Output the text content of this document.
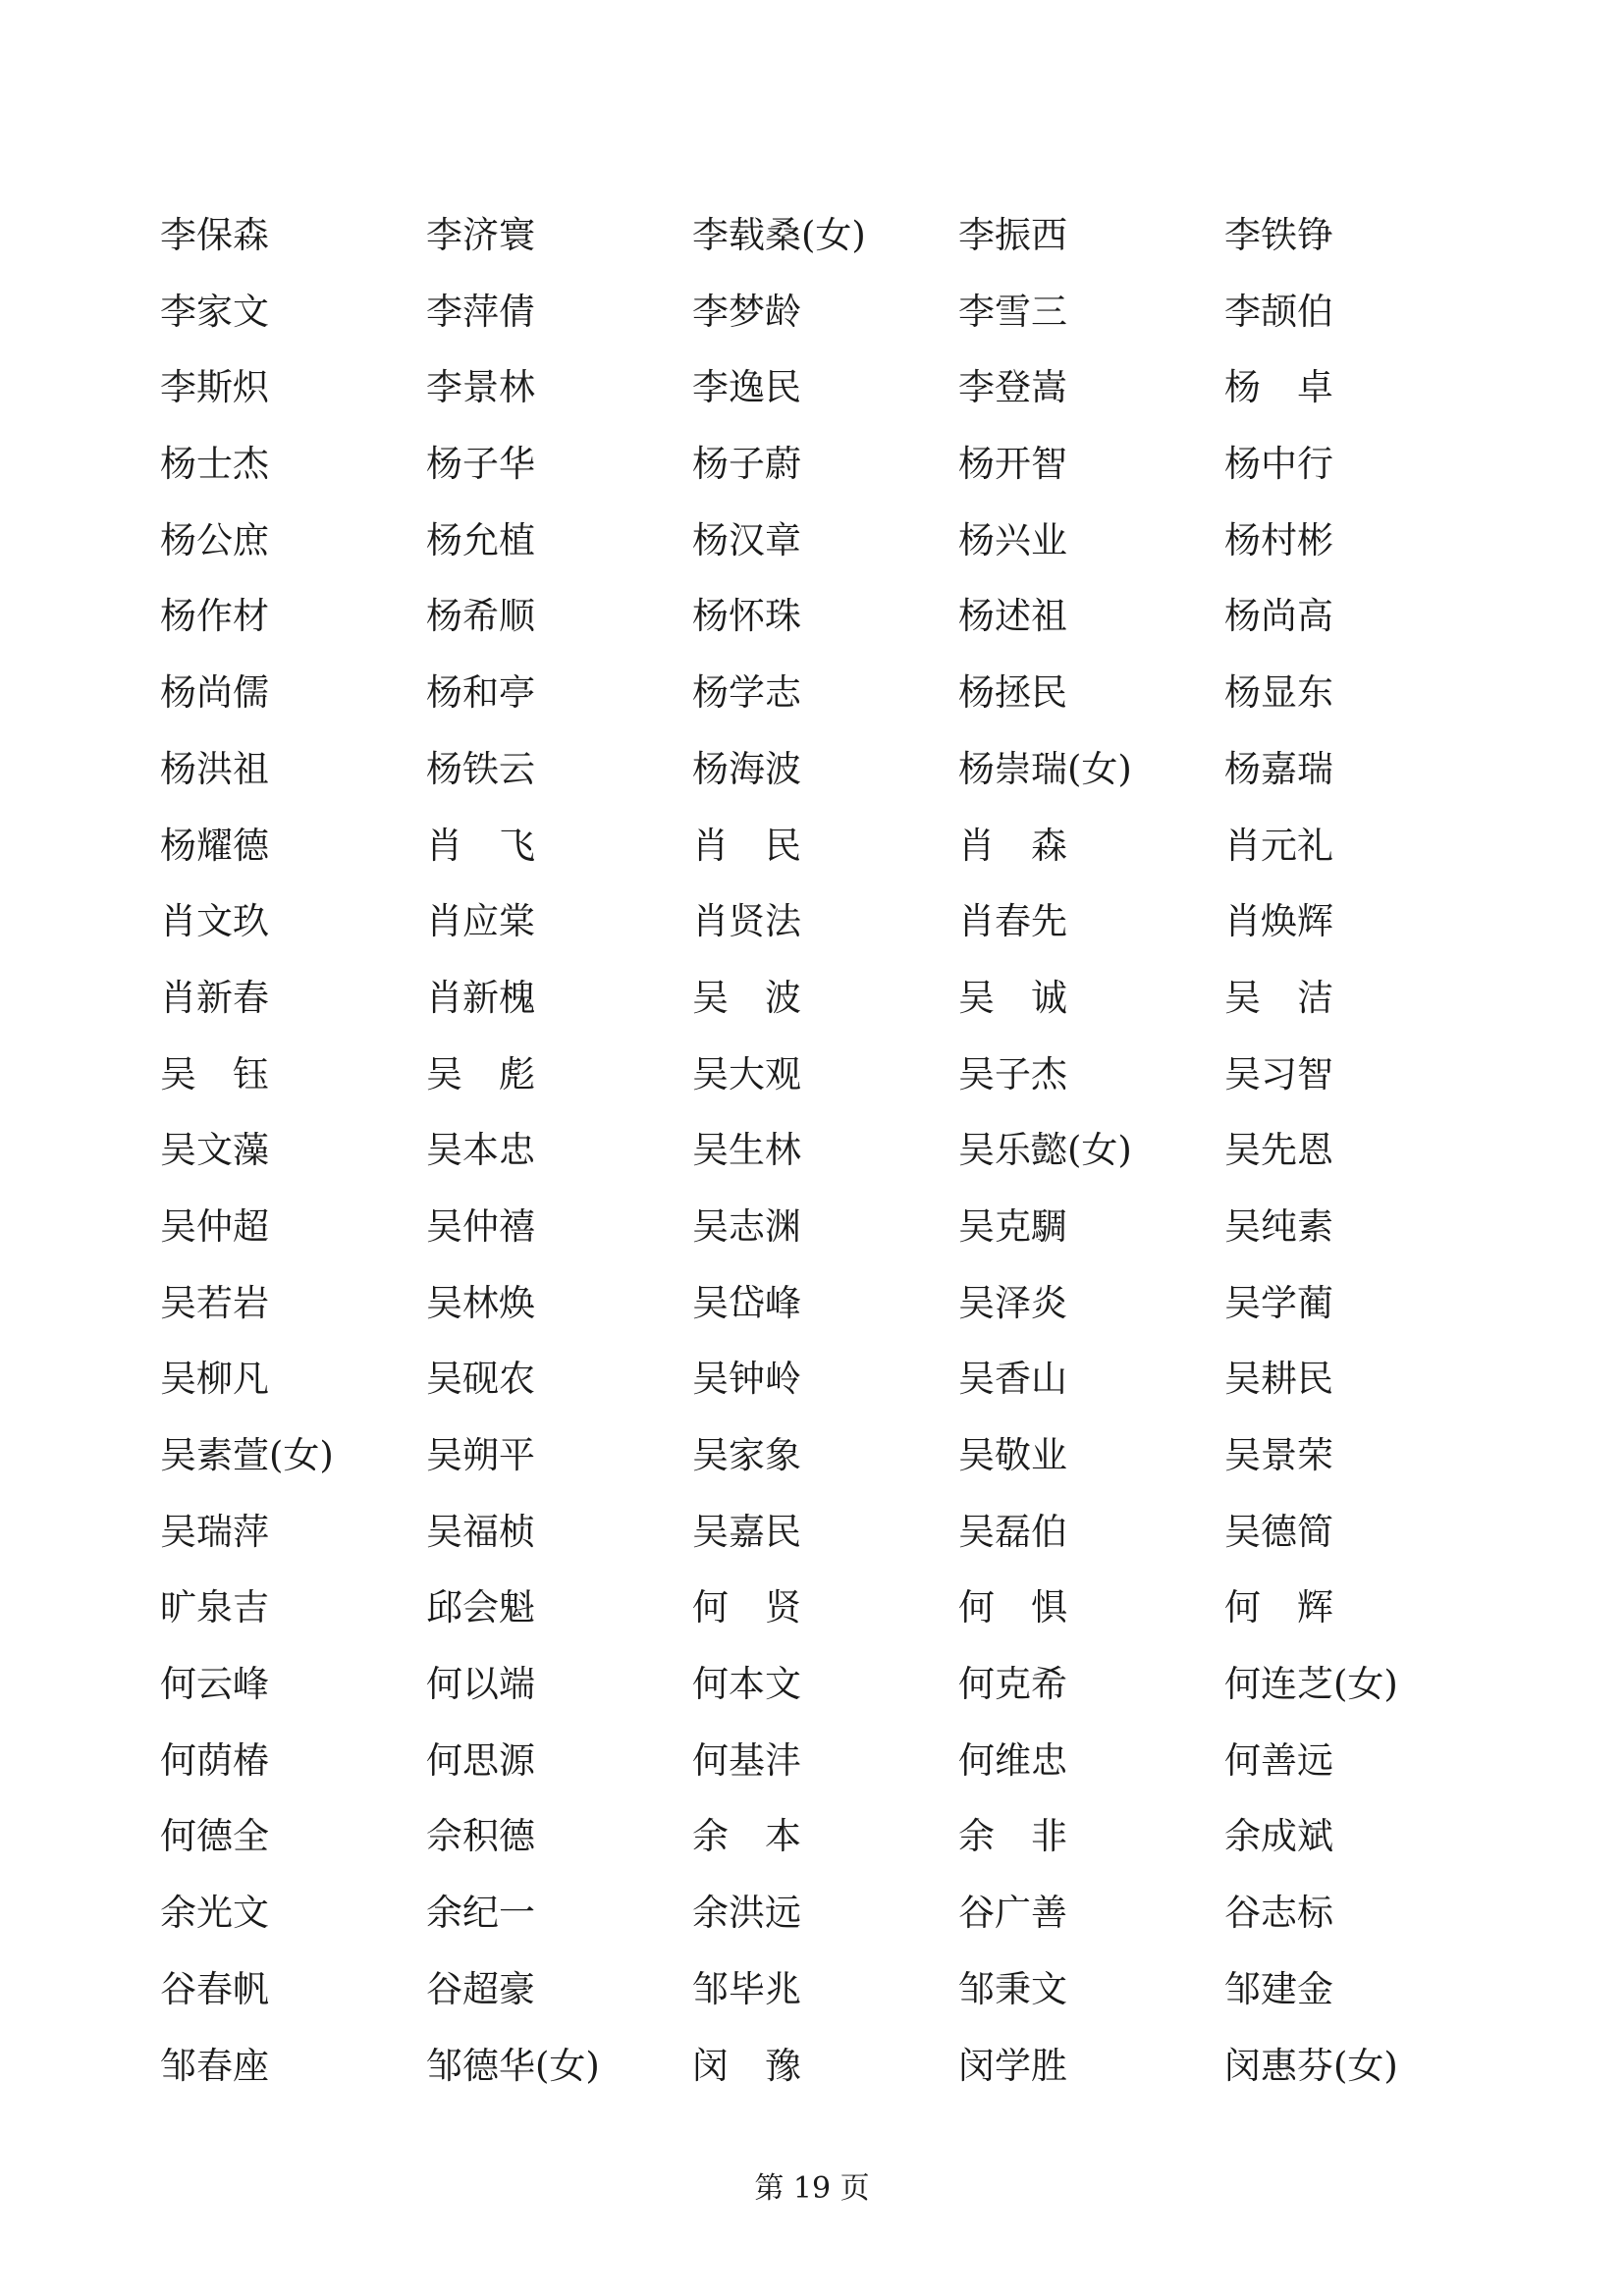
李保森	李济寰	李载桑(女)	李振西	李铁铮
李家文	李萍倩	李梦龄	李雪三	李颉伯
李斯炽	李景林	李逸民	李登嵩	杨　卓
杨士杰	杨子华	杨子蔚	杨开智	杨中行
杨公庶	杨允植	杨汉章	杨兴业	杨村彬
杨作材	杨希顺	杨怀珠	杨述祖	杨尚高
杨尚儒	杨和亭	杨学志	杨拯民	杨显东
杨洪祖	杨铁云	杨海波	杨崇瑞(女)	杨嘉瑞
杨耀德	肖　飞	肖　民	肖　森	肖元礼
肖文玖	肖应棠	肖贤法	肖春先	肖焕辉
肖新春	肖新槐	吴　波	吴　诚	吴　洁
吴　钰	吴　彪	吴大观	吴子杰	吴习智
吴文藻	吴本忠	吴生林	吴乐懿(女)	吴先恩
吴仲超	吴仲禧	吴志渊	吴克騆	吴纯素
吴若岩	吴林焕	吴岱峰	吴泽炎	吴学蔺
吴柳凡	吴砚农	吴钟岭	吴香山	吴耕民
吴素萱(女)	吴朔平	吴家象	吴敬业	吴景荣
吴瑞萍	吴福桢	吴嘉民	吴磊伯	吴德简
旷泉吉	邱会魁	何　贤	何　惧	何　辉
何云峰	何以端	何本文	何克希	何连芝(女)
何荫椿	何思源	何基沣	何维忠	何善远
何德全	佘积德	余　本	余　非	余成斌
余光文	余纪一	余洪远	谷广善	谷志标
谷春帆	谷超豪	邹毕兆	邹秉文	邹建金
邹春座	邹德华(女)	闵　豫	闵学胜	闵惠芬(女)
第 19 页
